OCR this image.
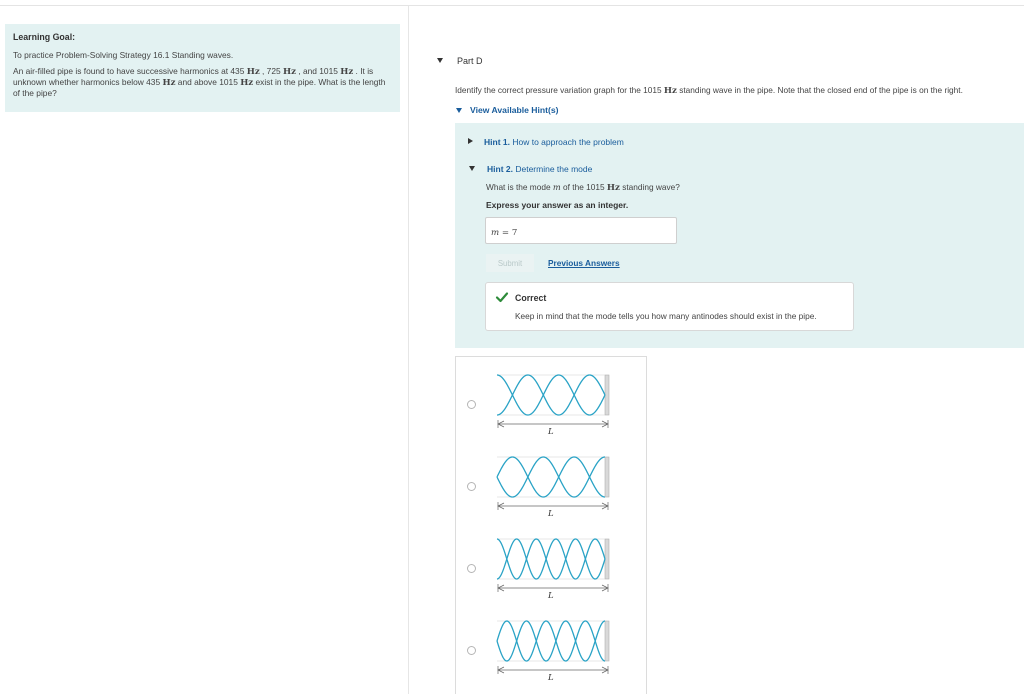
Learning Goal:

To practice Problem-Solving Strategy 16.1 Standing waves.

An air-filled pipe is found to have successive harmonics at 435 Hz , 725 Hz , and 1015 Hz . It is unknown whether harmonics below 435 Hz and above 1015 Hz exist in the pipe. What is the length of the pipe?

Part D
Identify the correct pressure variation graph for the 1015 Hz standing wave in the pipe. Note that the closed end of the pipe is on the right.
View Available Hint(s)
Hint 1. How to approach the problem
Hint 2. Determine the mode
What is the mode m of the 1015 Hz standing wave?
Express your answer as an integer.
m = 7
Submit	Previous Answers
Correct
Keep in mind that the mode tells you how many antinodes should exist in the pipe.
L
L
L
L
